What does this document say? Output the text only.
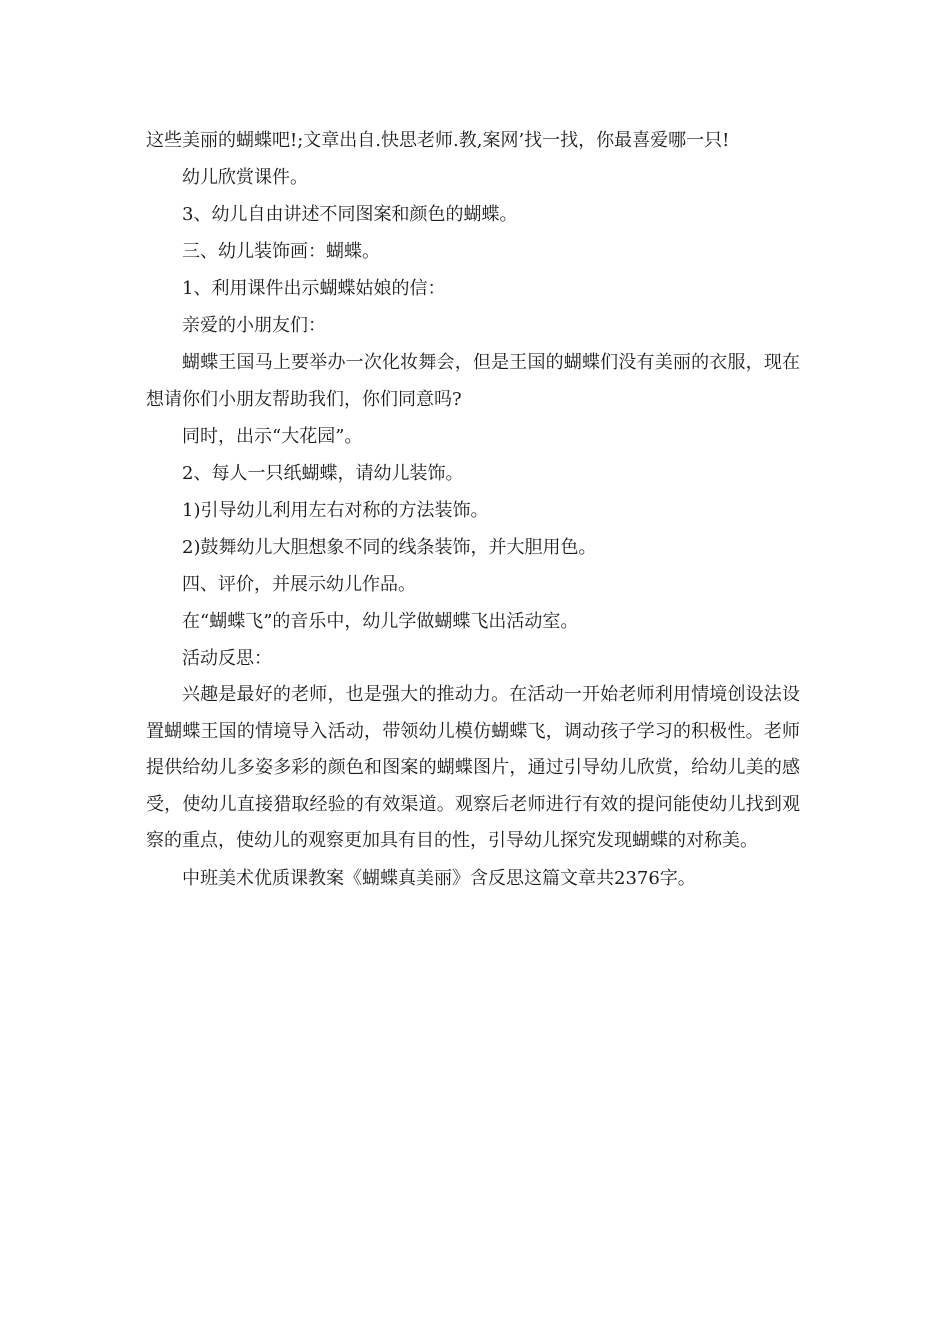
这些美丽的蝴蝶吧!;文章出自.快思老师.教,案网’找一找，你最喜爱哪一只!

幼儿欣赏课件。

3、幼儿自由讲述不同图案和颜色的蝴蝶。

三、幼儿装饰画：蝴蝶。

1、利用课件出示蝴蝶姑娘的信：

亲爱的小朋友们：

蝴蝶王国马上要举办一次化妆舞会，但是王国的蝴蝶们没有美丽的衣服，现在想请你们小朋友帮助我们，你们同意吗?

同时，出示“大花园”。

2、每人一只纸蝴蝶，请幼儿装饰。

1)引导幼儿利用左右对称的方法装饰。

2)鼓舞幼儿大胆想象不同的线条装饰，并大胆用色。

四、评价，并展示幼儿作品。

在“蝴蝶飞”的音乐中，幼儿学做蝴蝶飞出活动室。

活动反思：

兴趣是最好的老师，也是强大的推动力。在活动一开始老师利用情境创设法设置蝴蝶王国的情境导入活动，带领幼儿模仿蝴蝶飞，调动孩子学习的积极性。老师提供给幼儿多姿多彩的颜色和图案的蝴蝶图片，通过引导幼儿欣赏，给幼儿美的感受，使幼儿直接猎取经验的有效渠道。观察后老师进行有效的提问能使幼儿找到观察的重点，使幼儿的观察更加具有目的性，引导幼儿探究发现蝴蝶的对称美。

中班美术优质课教案《蝴蝶真美丽》含反思这篇文章共2376字。
